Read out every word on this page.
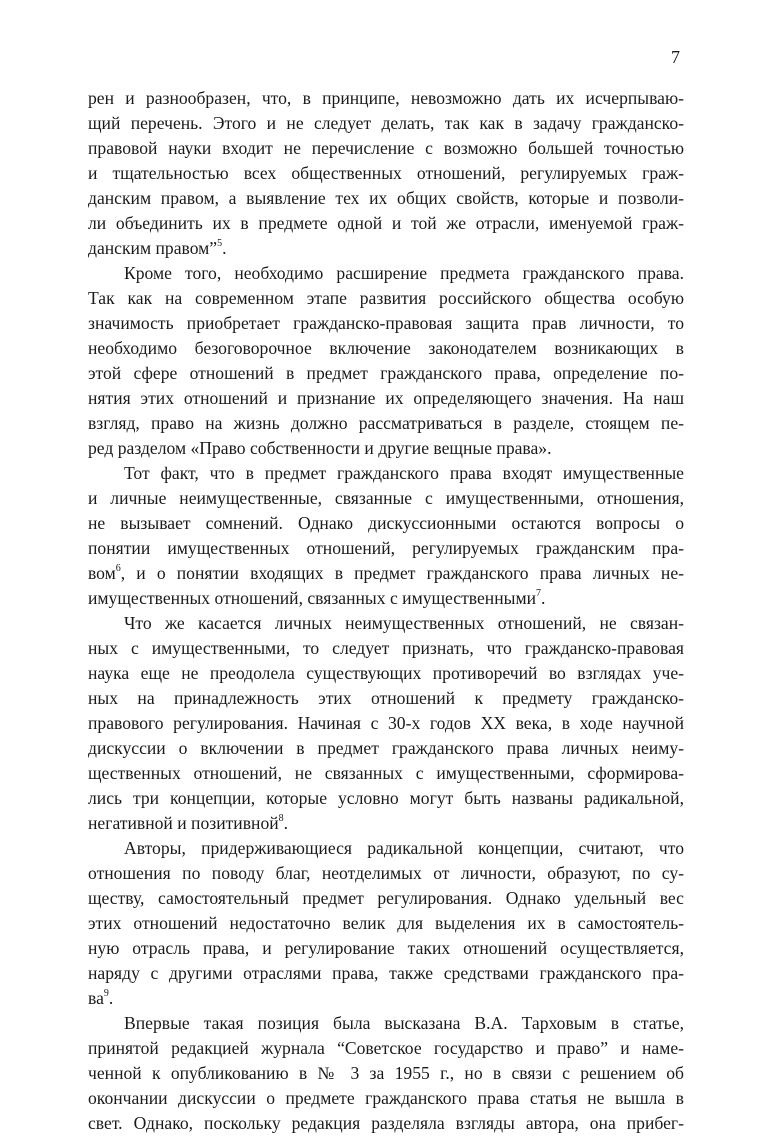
7
рен и разнообразен, что, в принципе, невозможно дать их исчерпываю-
щий перечень. Этого и не следует делать, так как в задачу гражданско-
правовой науки входит не перечисление с возможно большей точностью
и тщательностью всех общественных отношений, регулируемых граж-
данским правом, а выявление тех их общих свойств, которые и позволи-
ли объединить их в предмете одной и той же отрасли, именуемой граж-
данским правом”$^5$.
Кроме того, необходимо расширение предмета гражданского права.
Так как на современном этапе развития российского общества особую
значимость приобретает гражданско-правовая защита прав личности, то
необходимо безоговорочное включение законодателем возникающих в
этой сфере отношений в предмет гражданского права, определение по-
нятия этих отношений и признание их определяющего значения. На наш
взгляд, право на жизнь должно рассматриваться в разделе, стоящем пе-
ред разделом «Право собственности и другие вещные права».
Тот факт, что в предмет гражданского права входят имущественные
и личные неимущественные, связанные с имущественными, отношения,
не вызывает сомнений. Однако дискуссионными остаются вопросы о
понятии имущественных отношений, регулируемых гражданским пра-
вом$^6$, и о понятии входящих в предмет гражданского права личных не-
имущественных отношений, связанных с имущественными$^7$.
Что же касается личных неимущественных отношений, не связан-
ных с имущественными, то следует признать, что гражданско-правовая
наука еще не преодолела существующих противоречий во взглядах уче-
ных на принадлежность этих отношений к предмету гражданско-
правового регулирования. Начиная с 30-х годов XX века, в ходе научной
дискуссии о включении в предмет гражданского права личных неиму-
щественных отношений, не связанных с имущественными, сформирова-
лись три концепции, которые условно могут быть названы радикальной,
негативной и позитивной$^8$.
Авторы, придерживающиеся радикальной концепции, считают, что
отношения по поводу благ, неотделимых от личности, образуют, по су-
ществу, самостоятельный предмет регулирования. Однако удельный вес
этих отношений недостаточно велик для выделения их в самостоятель-
ную отрасль права, и регулирование таких отношений осуществляется,
наряду с другими отраслями права, также средствами гражданского пра-
ва$^9$.
Впервые такая позиция была высказана В.А. Тарховым в статье,
принятой редакцией журнала “Советское государство и право” и наме-
ченной к опубликованию в № 3 за 1955 г., но в связи с решением об
окончании дискуссии о предмете гражданского права статья не вышла в
свет. Однако, поскольку редакция разделяла взгляды автора, она прибег-
